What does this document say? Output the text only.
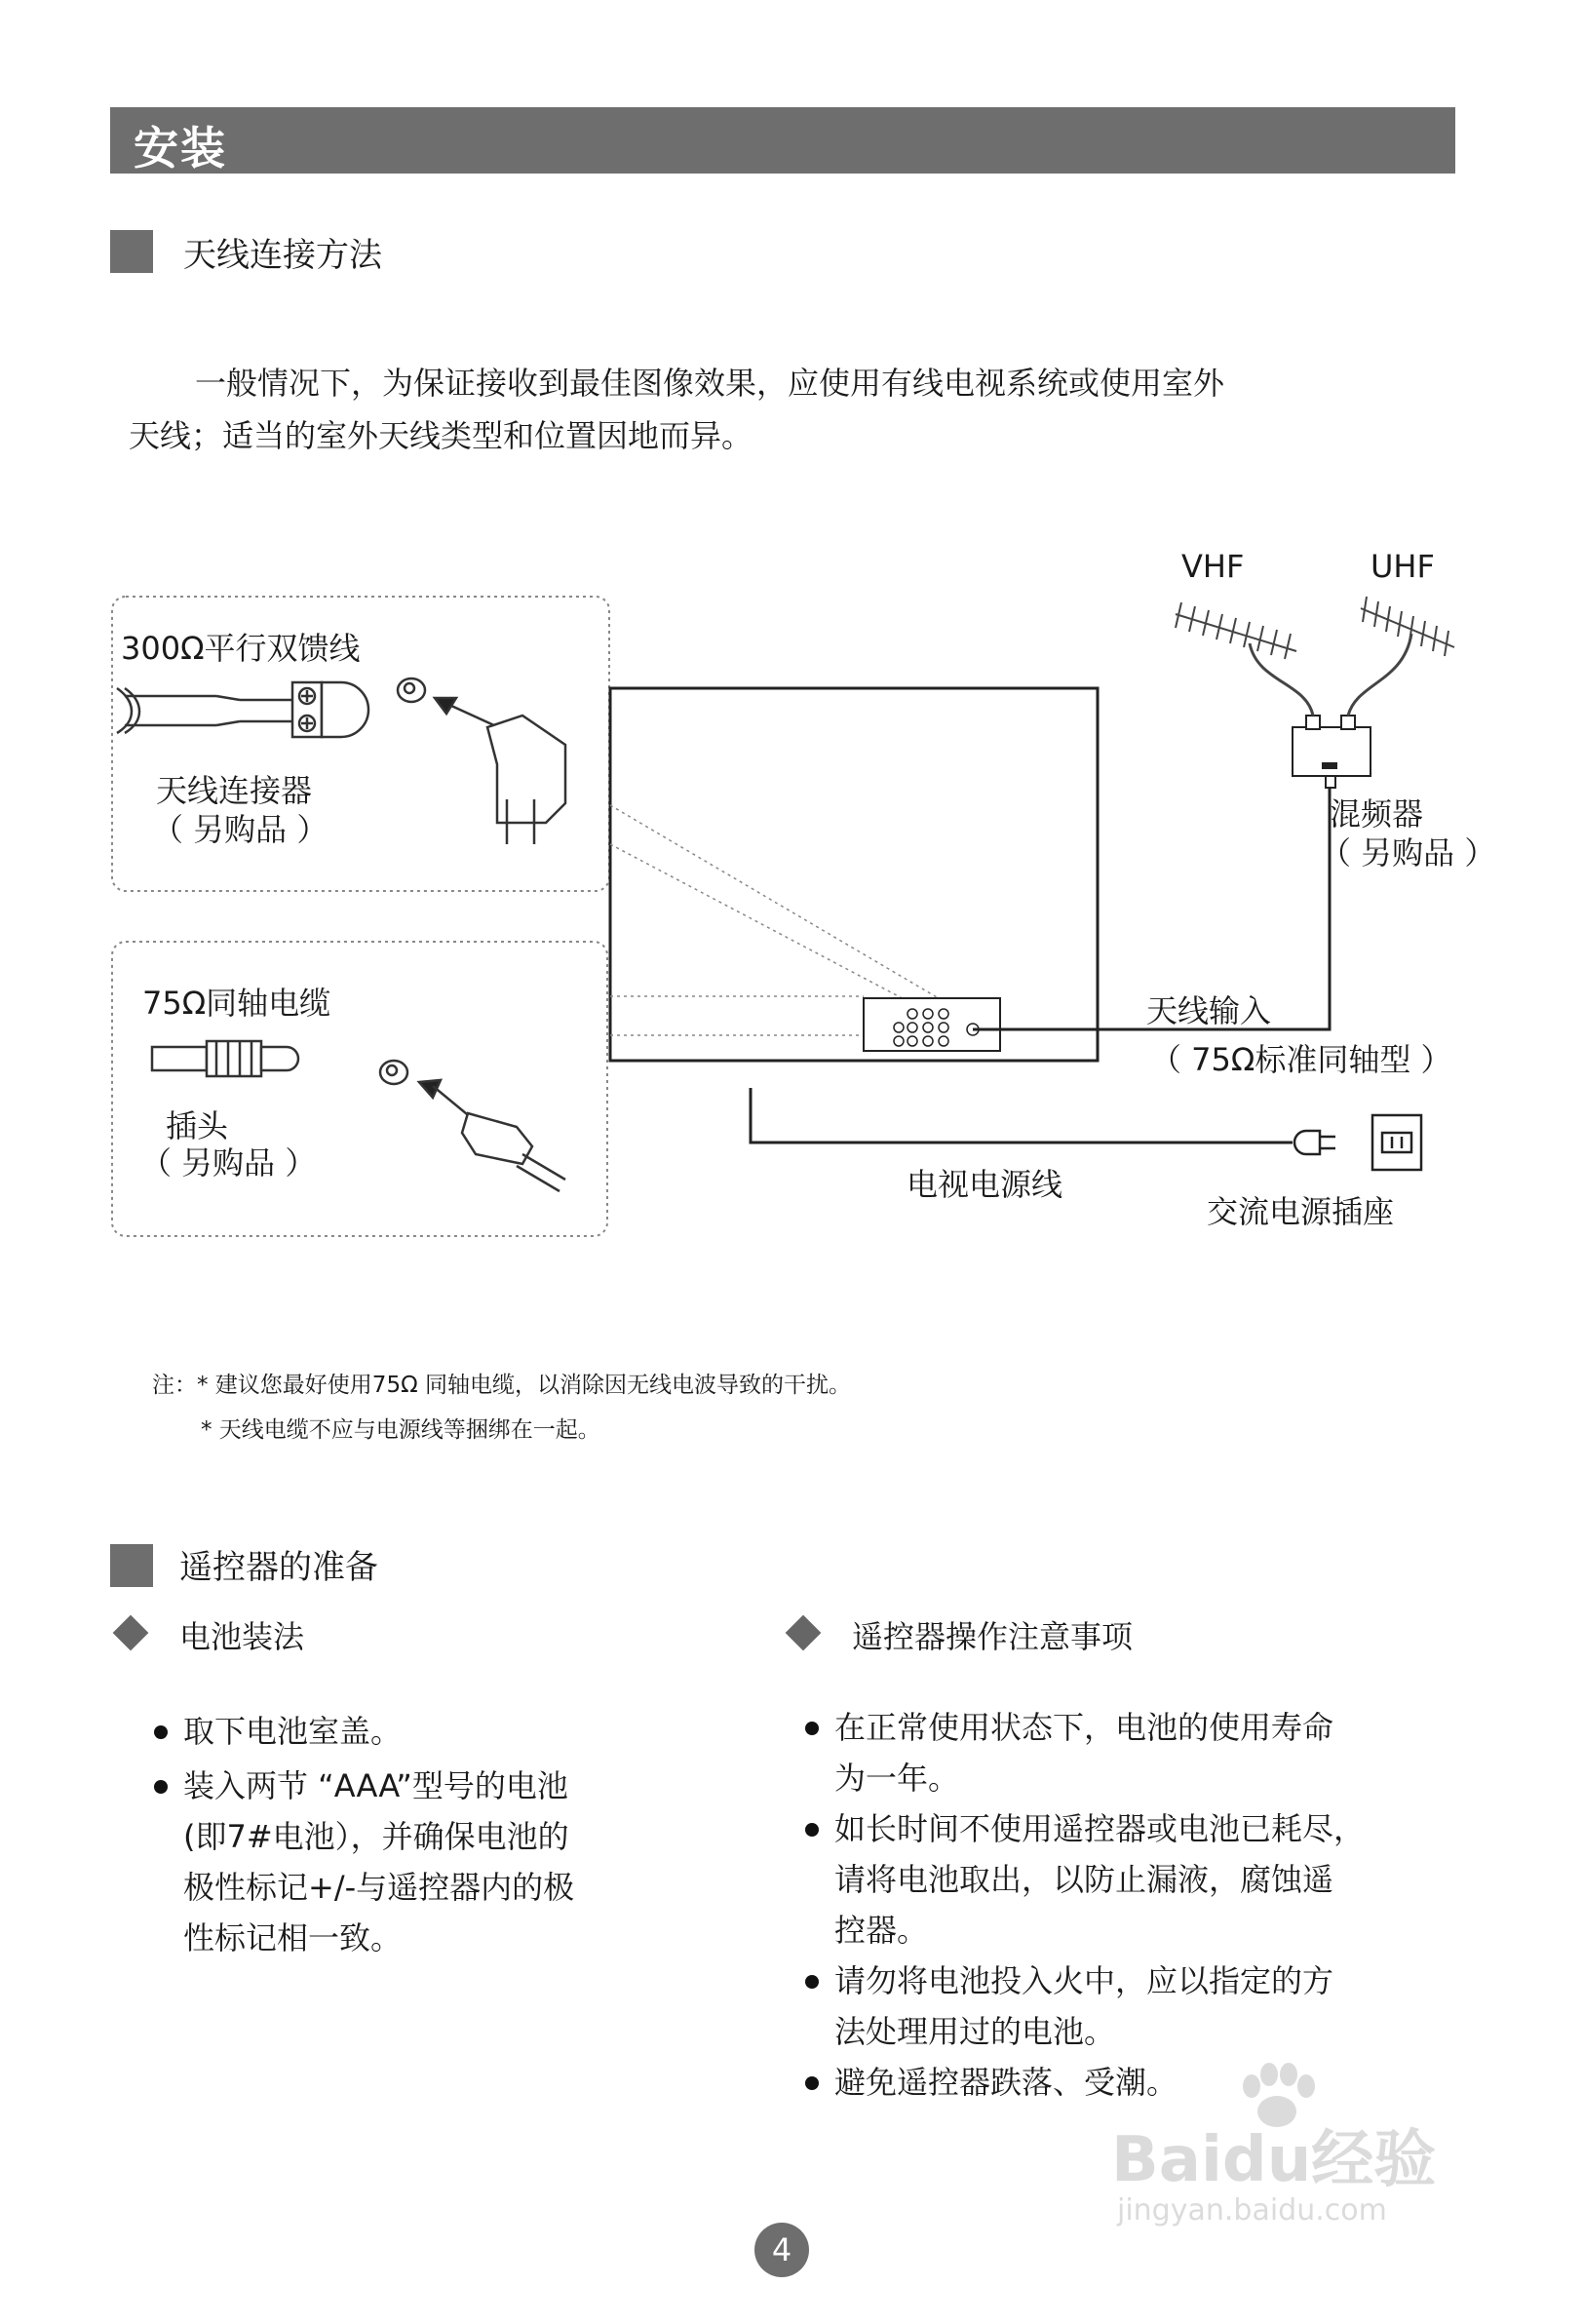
安装
天线连接方法
一般情况下，为保证接收到最佳图像效果，应使用有线电视系统或使用室外
天线；适当的室外天线类型和位置因地而异。
300Ω平行双馈线
天线连接器
（ 另购品 ）
75Ω同轴电缆
插头
（ 另购品 ）
VHF	UHF
混频器
（ 另购品 ）
天线输入
（ 75Ω标准同轴型 ）
电视电源线
交流电源插座
注：* 建议您最好使用75Ω 同轴电缆，以消除因无线电波导致的干扰。
* 天线电缆不应与电源线等捆绑在一起。
遥控器的准备
电池装法
取下电池室盖。
装入两节 “AAA”型号的电池
(即7#电池），并确保电池的
极性标记+/-与遥控器内的极
性标记相一致。
遥控器操作注意事项
在正常使用状态下，电池的使用寿命
为一年。
如长时间不使用遥控器或电池已耗尽，
请将电池取出，以防止漏液，腐蚀遥
控器。
请勿将电池投入火中，应以指定的方
法处理用过的电池。
避免遥控器跌落、受潮。
Baidu经验
jingyan.baidu.com
4
